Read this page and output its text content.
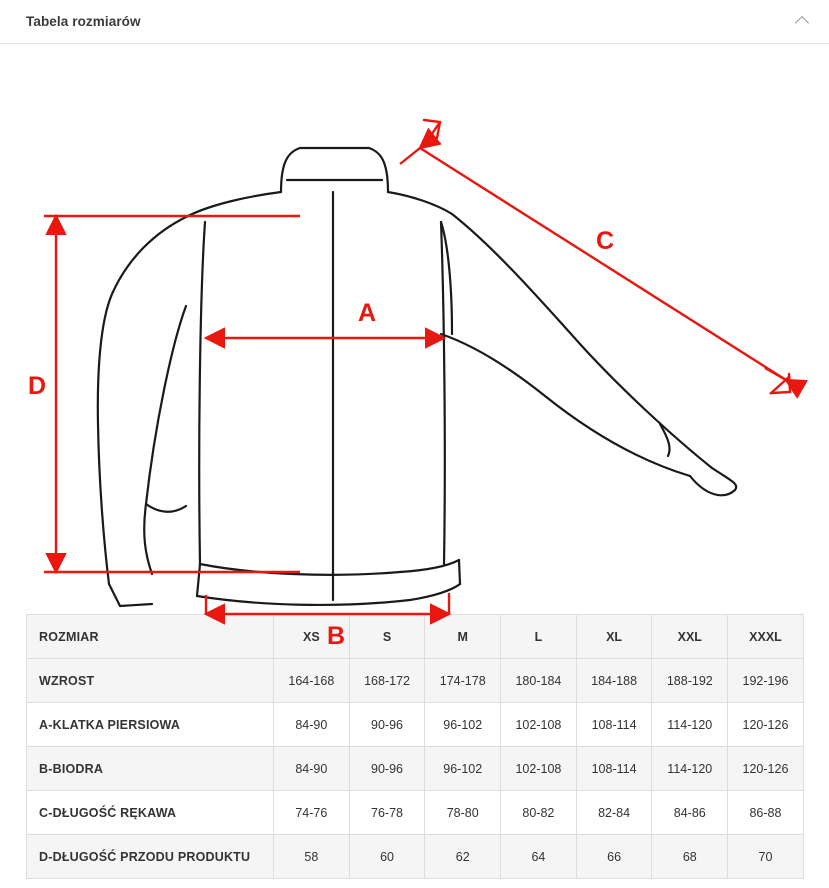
Tabela rozmiarów
A
B
C
D
ROZMIAR	XS	S	M	L	XL	XXL	XXXL
WZROST	164-168	168-172	174-178	180-184	184-188	188-192	192-196
A-KLATKA PIERSIOWA	84-90	90-96	96-102	102-108	108-114	114-120	120-126
B-BIODRA	84-90	90-96	96-102	102-108	108-114	114-120	120-126
C-DŁUGOŚĆ RĘKAWA	74-76	76-78	78-80	80-82	82-84	84-86	86-88
D-DŁUGOŚĆ PRZODU PRODUKTU	58	60	62	64	66	68	70
